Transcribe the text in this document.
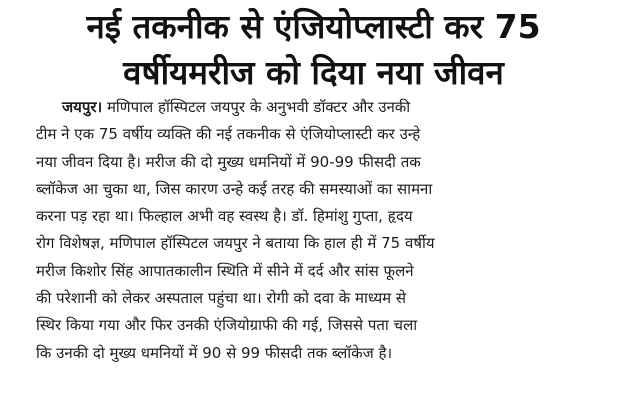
नई तकनीक से एंजियोप्लास्टी कर 75
वर्षीयमरीज को दिया नया जीवन
जयपुर। मणिपाल हॉस्पिटल जयपुर के अनुभवी डॉक्टर और उनकी
टीम ने एक 75 वर्षीय व्यक्ति की नई तकनीक से एंजियोप्लास्टी कर उन्हे
नया जीवन दिया है। मरीज की दो मुख्य धमनियों में 90-99 फीसदी तक
ब्लॉकेज आ चुका था, जिस कारण उन्हे कई तरह की समस्याओं का सामना
करना पड़ रहा था। फिल्हाल अभी वह स्वस्थ है। डॉ. हिमांशु गुप्ता, हृदय
रोग विशेषज्ञ, मणिपाल हॉस्पिटल जयपुर ने बताया कि हाल ही में 75 वर्षीय
मरीज किशोर सिंह आपातकालीन स्थिति में सीने में दर्द और सांस फूलने
की परेशानी को लेकर अस्पताल पहुंचा था। रोगी को दवा के माध्यम से
स्थिर किया गया और फिर उनकी एंजियोग्राफी की गई, जिससे पता चला
कि उनकी दो मुख्य धमनियों में 90 से 99 फीसदी तक ब्लॉकेज है।
